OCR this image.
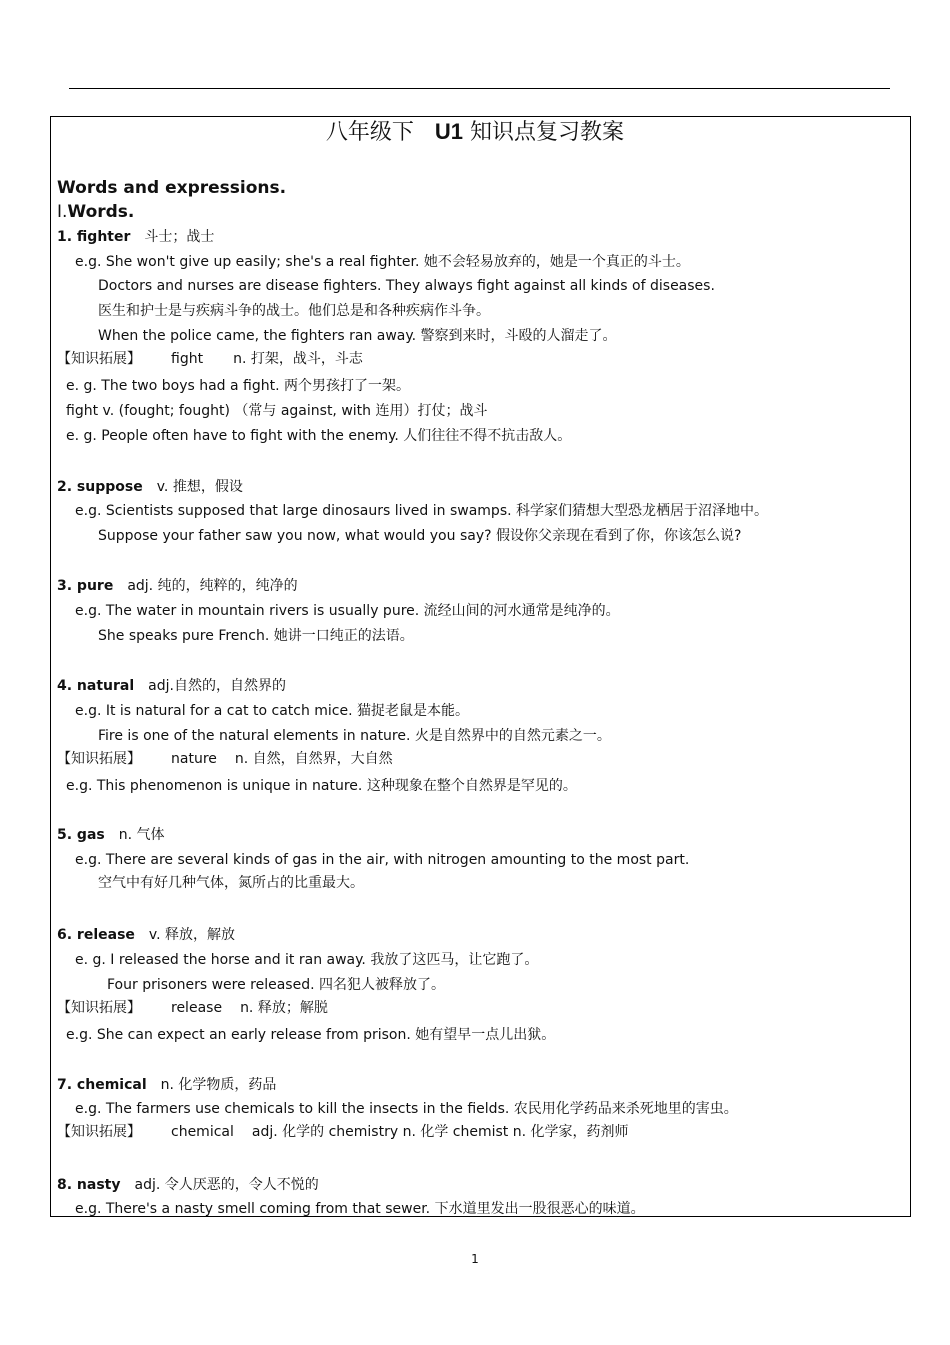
八年级下 U1 知识点复习教案
Words and expressions.
Ⅰ.Words.
1. fighter 斗士；战士
e.g. She won't give up easily; she's a real fighter. 她不会轻易放弃的，她是一个真正的斗士。
Doctors and nurses are disease fighters. They always fight against all kinds of diseases.
医生和护士是与疾病斗争的战士。他们总是和各种疾病作斗争。
When the police came, the fighters ran away. 警察到来时，斗殴的人溜走了。
【知识拓展】 fight n. 打架，战斗，斗志
e. g. The two boys had a fight. 两个男孩打了一架。
fight v. (fought; fought) （常与 against, with 连用）打仗；战斗
e. g. People often have to fight with the enemy. 人们往往不得不抗击敌人。
2. suppose v. 推想，假设
e.g. Scientists supposed that large dinosaurs lived in swamps. 科学家们猜想大型恐龙栖居于沼泽地中。
Suppose your father saw you now, what would you say? 假设你父亲现在看到了你，你该怎么说?
3. pure adj. 纯的，纯粹的，纯净的
e.g. The water in mountain rivers is usually pure. 流经山间的河水通常是纯净的。
She speaks pure French. 她讲一口纯正的法语。
4. natural adj.自然的，自然界的
e.g. It is natural for a cat to catch mice. 猫捉老鼠是本能。
Fire is one of the natural elements in nature. 火是自然界中的自然元素之一。
【知识拓展】 nature n. 自然，自然界，大自然
e.g. This phenomenon is unique in nature. 这种现象在整个自然界是罕见的。
5. gas n. 气体
e.g. There are several kinds of gas in the air, with nitrogen amounting to the most part.
空气中有好几种气体，氮所占的比重最大。
6. release v. 释放，解放
e. g. I released the horse and it ran away. 我放了这匹马，让它跑了。
Four prisoners were released. 四名犯人被释放了。
【知识拓展】 release n. 释放；解脱
e.g. She can expect an early release from prison. 她有望早一点儿出狱。
7. chemical n. 化学物质，药品
e.g. The farmers use chemicals to kill the insects in the fields. 农民用化学药品来杀死地里的害虫。
【知识拓展】 chemical adj. 化学的 chemistry n. 化学 chemist n. 化学家，药剂师
8. nasty adj. 令人厌恶的，令人不悦的
e.g. There's a nasty smell coming from that sewer. 下水道里发出一股很恶心的味道。
1
